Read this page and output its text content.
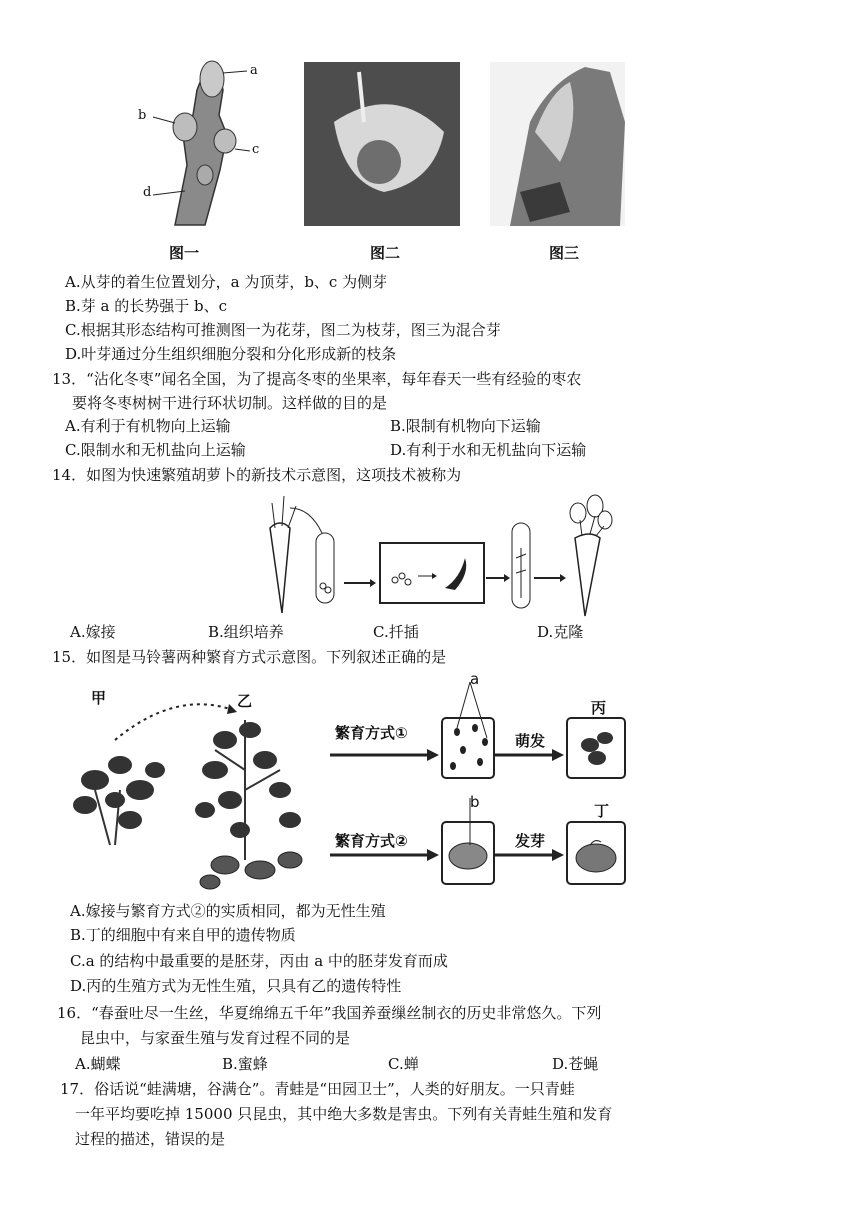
a
b
c
d
图一	图二	图三
A.从芽的着生位置划分，a 为顶芽，b、c 为侧芽
B.芽 a 的长势强于 b、c
C.根据其形态结构可推测图一为花芽，图二为枝芽，图三为混合芽
D.叶芽通过分生组织细胞分裂和分化形成新的枝条
13．“沾化冬枣”闻名全国，为了提高冬枣的坐果率，每年春天一些有经验的枣农
要将冬枣树树干进行环状切制。这样做的目的是
A.有利于有机物向上运输	B.限制有机物向下运输
C.限制水和无机盐向上运输	D.有利于水和无机盐向下运输
14．如图为快速繁殖胡萝卜的新技术示意图，这项技术被称为
A.嫁接	B.组织培养	C.扦插	D.克隆
15．如图是马铃薯两种繁育方式示意图。下列叙述正确的是
甲	乙
a
丙
繁育方式①	萌发
b	丁
繁育方式②	发芽
A.嫁接与繁育方式②的实质相同，都为无性生殖
B.丁的细胞中有来自甲的遗传物质
C.a 的结构中最重要的是胚芽，丙由 a 中的胚芽发育而成
D.丙的生殖方式为无性生殖，只具有乙的遗传特性
16．“春蚕吐尽一生丝，华夏绵绵五千年”我国养蚕缫丝制衣的历史非常悠久。下列
昆虫中，与家蚕生殖与发育过程不同的是
A.蝴蝶	B.蜜蜂	C.蝉	D.苍蝇
17．俗话说“蛙满塘，谷满仓”。青蛙是“田园卫士”，人类的好朋友。一只青蛙
一年平均要吃掉 15000 只昆虫，其中绝大多数是害虫。下列有关青蛙生殖和发育
过程的描述，错误的是
